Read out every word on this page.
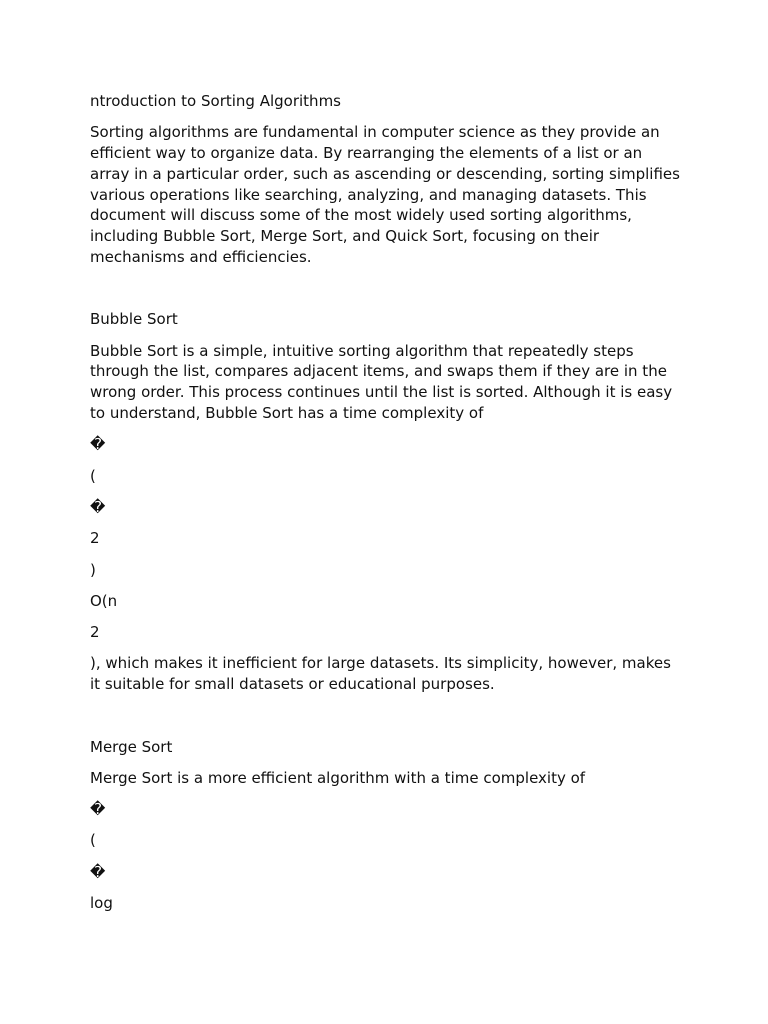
ntroduction to Sorting Algorithms
Sorting algorithms are fundamental in computer science as they provide an efficient way to organize data. By rearranging the elements of a list or an array in a particular order, such as ascending or descending, sorting simplifies various operations like searching, analyzing, and managing datasets. This document will discuss some of the most widely used sorting algorithms, including Bubble Sort, Merge Sort, and Quick Sort, focusing on their mechanisms and efficiencies.
Bubble Sort
Bubble Sort is a simple, intuitive sorting algorithm that repeatedly steps through the list, compares adjacent items, and swaps them if they are in the wrong order. This process continues until the list is sorted. Although it is easy to understand, Bubble Sort has a time complexity of
�
(
�
2
)
O(n
2
), which makes it inefficient for large datasets. Its simplicity, however, makes it suitable for small datasets or educational purposes.
Merge Sort
Merge Sort is a more efficient algorithm with a time complexity of
�
(
�
log
